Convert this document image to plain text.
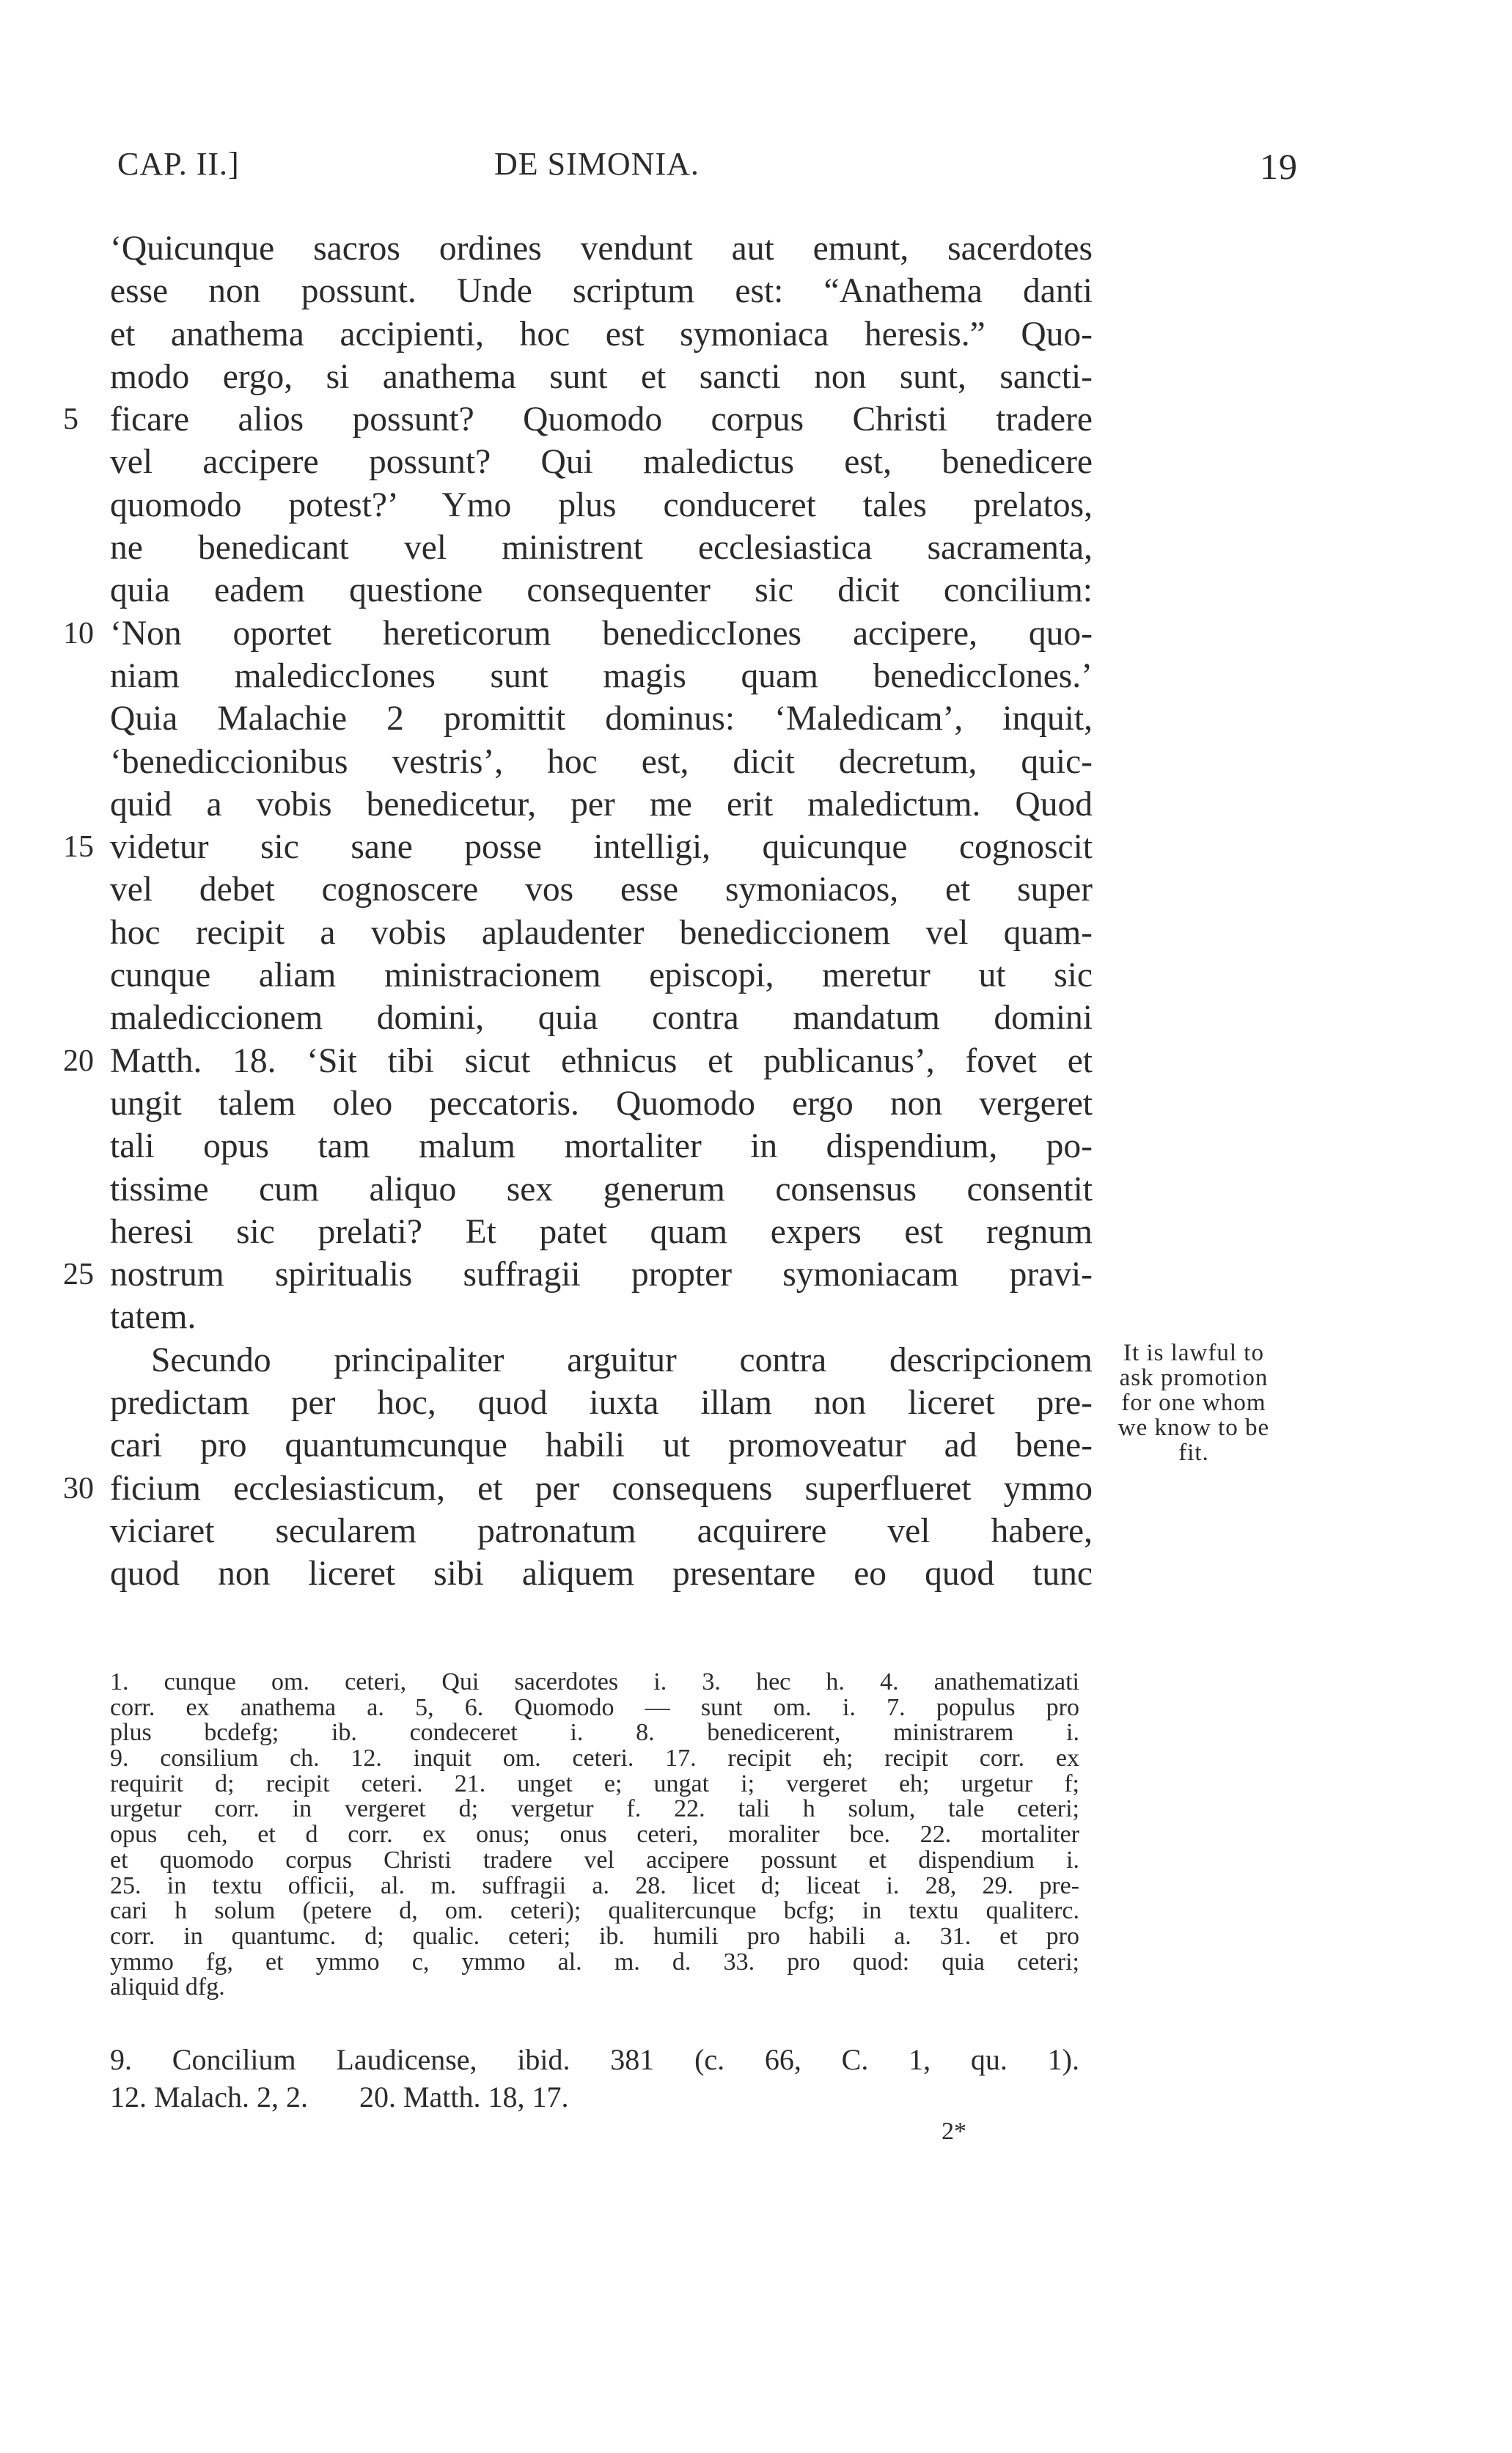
CAP. II.]	DE SIMONIA.	19
‘Quicunque sacros ordines vendunt aut emunt, sacerdotes
esse non possunt. Unde scriptum est: “Anathema danti
et anathema accipienti, hoc est symoniaca heresis.” Quo-
modo ergo, si anathema sunt et sancti non sunt, sancti-
5 ficare alios possunt? Quomodo corpus Christi tradere
vel accipere possunt? Qui maledictus est, benedicere
quomodo potest?’ Ymo plus conduceret tales prelatos,
ne benedicant vel ministrent ecclesiastica sacramenta,
quia eadem questione consequenter sic dicit concilium:
10 ‘Non oportet hereticorum benediccIones accipere, quo-
niam malediccIones sunt magis quam benediccIones.’
Quia Malachie 2 promittit dominus: ‘Maledicam’, inquit,
‘benediccionibus vestris’, hoc est, dicit decretum, quic-
quid a vobis benedicetur, per me erit maledictum. Quod
15 videtur sic sane posse intelligi, quicunque cognoscit
vel debet cognoscere vos esse symoniacos, et super
hoc recipit a vobis aplaudenter benediccionem vel quam-
cunque aliam ministracionem episcopi, meretur ut sic
malediccionem domini, quia contra mandatum domini
20 Matth. 18. ‘Sit tibi sicut ethnicus et publicanus’, fovet et
ungit talem oleo peccatoris. Quomodo ergo non vergeret
tali opus tam malum mortaliter in dispendium, po-
tissime cum aliquo sex generum consensus consentit
heresi sic prelati? Et patet quam expers est regnum
25 nostrum spiritualis suffragii propter symoniacam pravi-
tatem.
Secundo principaliter arguitur contra descripcionem
predictam per hoc, quod iuxta illam non liceret pre-
cari pro quantumcunque habili ut promoveatur ad bene-
30 ficium ecclesiasticum, et per consequens superflueret ymmo
viciaret secularem patronatum acquirere vel habere,
quod non liceret sibi aliquem presentare eo quod tunc
It is lawful to
ask promotion
for one whom
we know to be
fit.
1. cunque om. ceteri, Qui sacerdotes i. 3. hec h. 4. anathematizati
corr. ex anathema a. 5, 6. Quomodo — sunt om. i. 7. populus pro
plus bcdefg; ib. condeceret i. 8. benedicerent, ministrarem i.
9. consilium ch. 12. inquit om. ceteri. 17. recipit eh; recipit corr. ex
requirit d; recipit ceteri. 21. unget e; ungat i; vergeret eh; urgetur f;
urgetur corr. in vergeret d; vergetur f. 22. tali h solum, tale ceteri;
opus ceh, et d corr. ex onus; onus ceteri, moraliter bce. 22. mortaliter
et quomodo corpus Christi tradere vel accipere possunt et dispendium i.
25. in textu officii, al. m. suffragii a. 28. licet d; liceat i. 28, 29. pre-
cari h solum (petere d, om. ceteri); qualitercunque bcfg; in textu qualiterc.
corr. in quantumc. d; qualic. ceteri; ib. humili pro habili a. 31. et pro
ymmo fg, et ymmo c, ymmo al. m. d. 33. pro quod: quia ceteri;
aliquid dfg.
9. Concilium Laudicense, ibid. 381 (c. 66, C. 1, qu. 1).
12. Malach. 2, 2. 20. Matth. 18, 17.
2*
